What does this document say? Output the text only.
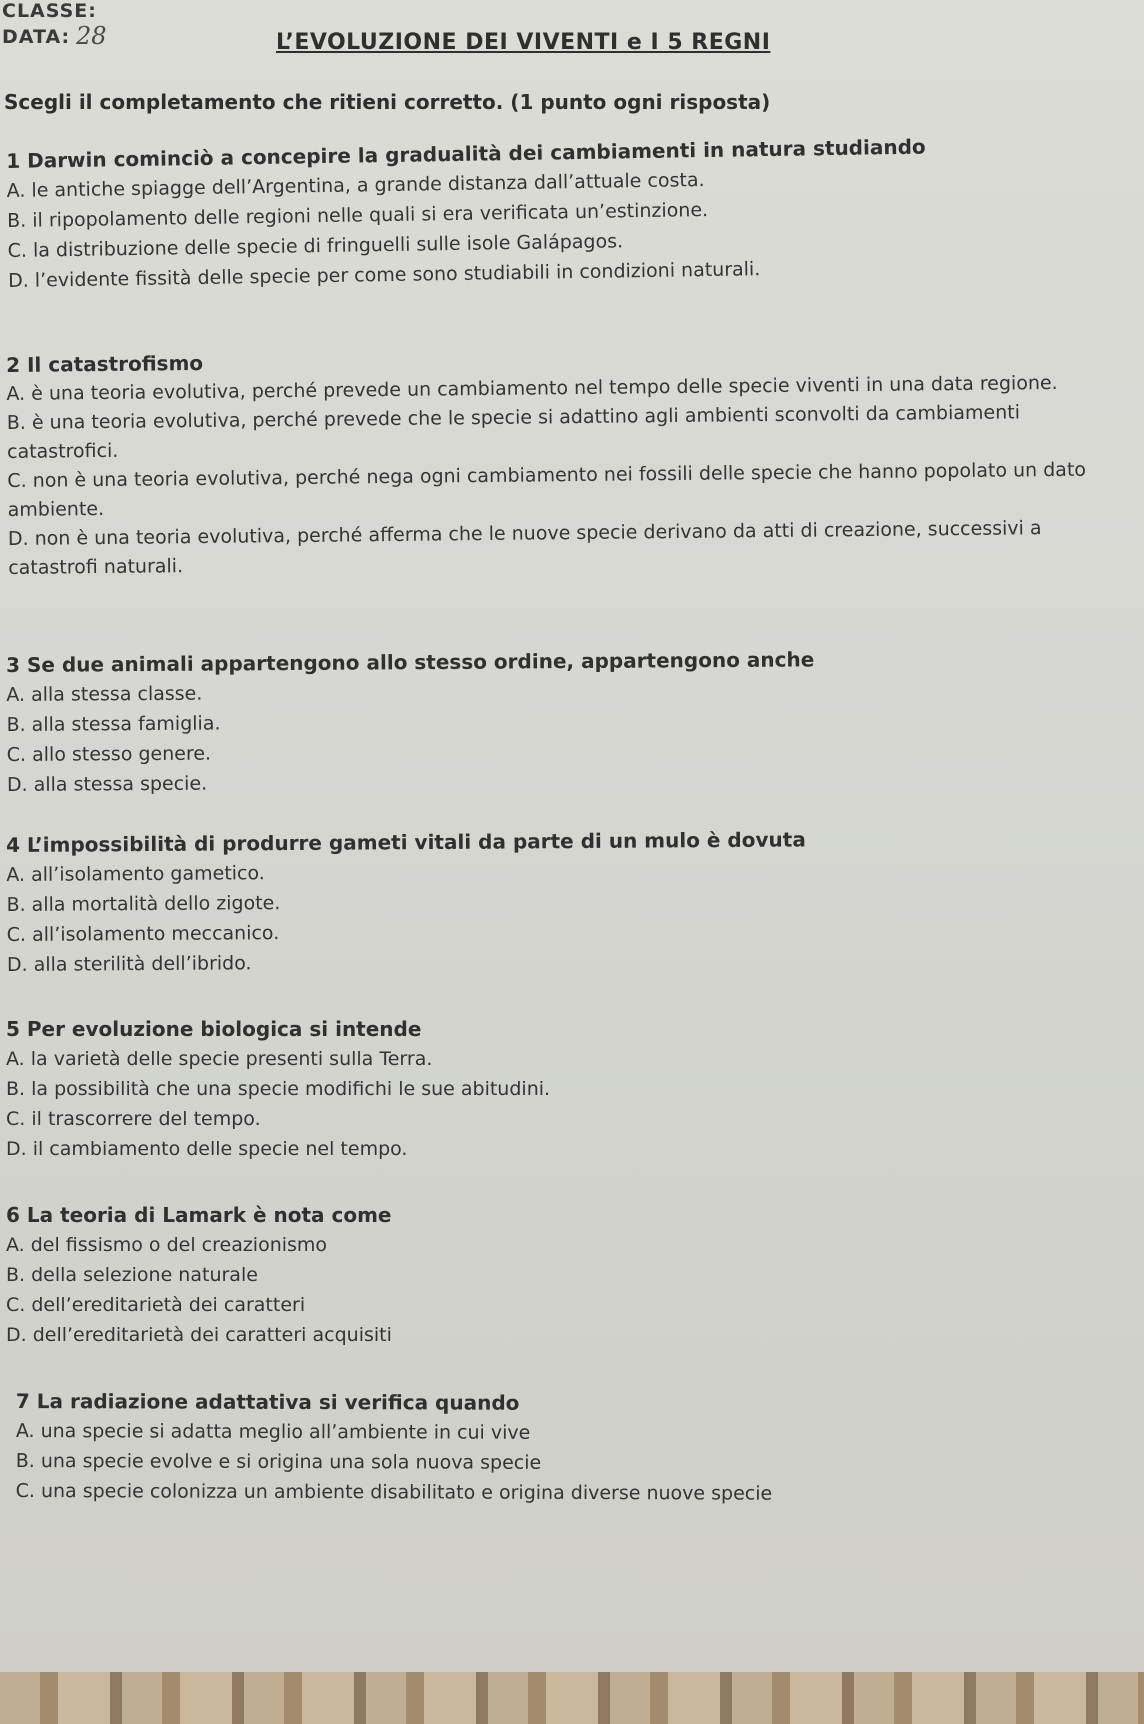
CLASSE:
DATA: 28	L’EVOLUZIONE DEI VIVENTI e I 5 REGNI
Scegli il completamento che ritieni corretto. (1 punto ogni risposta)
1 Darwin cominciò a concepire la gradualità dei cambiamenti in natura studiando
A. le antiche spiagge dell’Argentina, a grande distanza dall’attuale costa.
B. il ripopolamento delle regioni nelle quali si era verificata un’estinzione.
C. la distribuzione delle specie di fringuelli sulle isole Galápagos.
D. l’evidente fissità delle specie per come sono studiabili in condizioni naturali.
2 Il catastrofismo
A. è una teoria evolutiva, perché prevede un cambiamento nel tempo delle specie viventi in una data regione.
B. è una teoria evolutiva, perché prevede che le specie si adattino agli ambienti sconvolti da cambiamenti catastrofici.
C. non è una teoria evolutiva, perché nega ogni cambiamento nei fossili delle specie che hanno popolato un dato ambiente.
D. non è una teoria evolutiva, perché afferma che le nuove specie derivano da atti di creazione, successivi a catastrofi naturali.
3 Se due animali appartengono allo stesso ordine, appartengono anche
A. alla stessa classe.
B. alla stessa famiglia.
C. allo stesso genere.
D. alla stessa specie.
4 L’impossibilità di produrre gameti vitali da parte di un mulo è dovuta
A. all’isolamento gametico.
B. alla mortalità dello zigote.
C. all’isolamento meccanico.
D. alla sterilità dell’ibrido.
5 Per evoluzione biologica si intende
A. la varietà delle specie presenti sulla Terra.
B. la possibilità che una specie modifichi le sue abitudini.
C. il trascorrere del tempo.
D. il cambiamento delle specie nel tempo.
6 La teoria di Lamark è nota come
A. del fissismo o del creazionismo
B. della selezione naturale
C. dell’ereditarietà dei caratteri
D. dell’ereditarietà dei caratteri acquisiti
7 La radiazione adattativa si verifica quando
A. una specie si adatta meglio all’ambiente in cui vive
B. una specie evolve e si origina una sola nuova specie
C. una specie colonizza un ambiente disabilitato e origina diverse nuove specie
